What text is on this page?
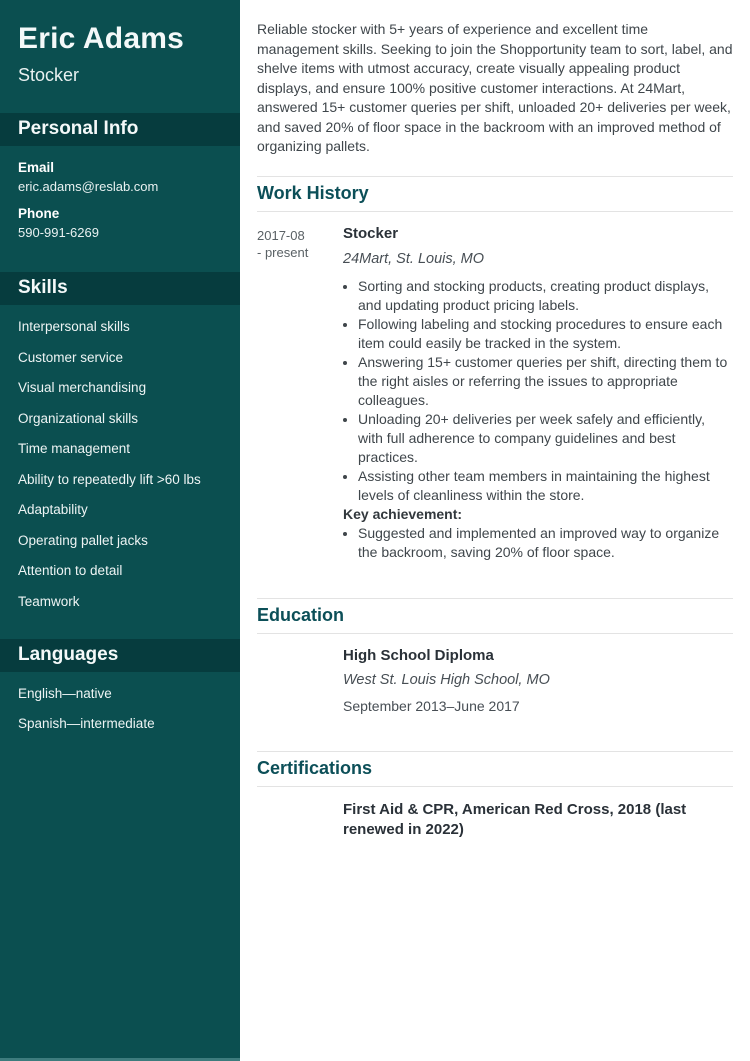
Eric Adams
Stocker
Personal Info
Email
eric.adams@reslab.com
Phone
590-991-6269
Skills
Interpersonal skills
Customer service
Visual merchandising
Organizational skills
Time management
Ability to repeatedly lift >60 lbs
Adaptability
Operating pallet jacks
Attention to detail
Teamwork
Languages
English—native
Spanish—intermediate

Reliable stocker with 5+ years of experience and excellent time management skills. Seeking to join the Shopportunity team to sort, label, and shelve items with utmost accuracy, create visually appealing product displays, and ensure 100% positive customer interactions. At 24Mart, answered 15+ customer queries per shift, unloaded 20+ deliveries per week, and saved 20% of floor space in the backroom with an improved method of organizing pallets.

Work History
2017-08
- present
Stocker

24Mart, St. Louis, MO

• Sorting and stocking products, creating product displays, and updating product pricing labels.
• Following labeling and stocking procedures to ensure each item could easily be tracked in the system.
• Answering 15+ customer queries per shift, directing them to the right aisles or referring the issues to appropriate colleagues.
• Unloading 20+ deliveries per week safely and efficiently, with full adherence to company guidelines and best practices.
• Assisting other team members in maintaining the highest levels of cleanliness within the store.

Key achievement:

• Suggested and implemented an improved way to organize the backroom, saving 20% of floor space.
Education
High School Diploma

West St. Louis High School, MO

September 2013–June 2017

Certifications
First Aid & CPR, American Red Cross, 2018 (last renewed in 2022)
